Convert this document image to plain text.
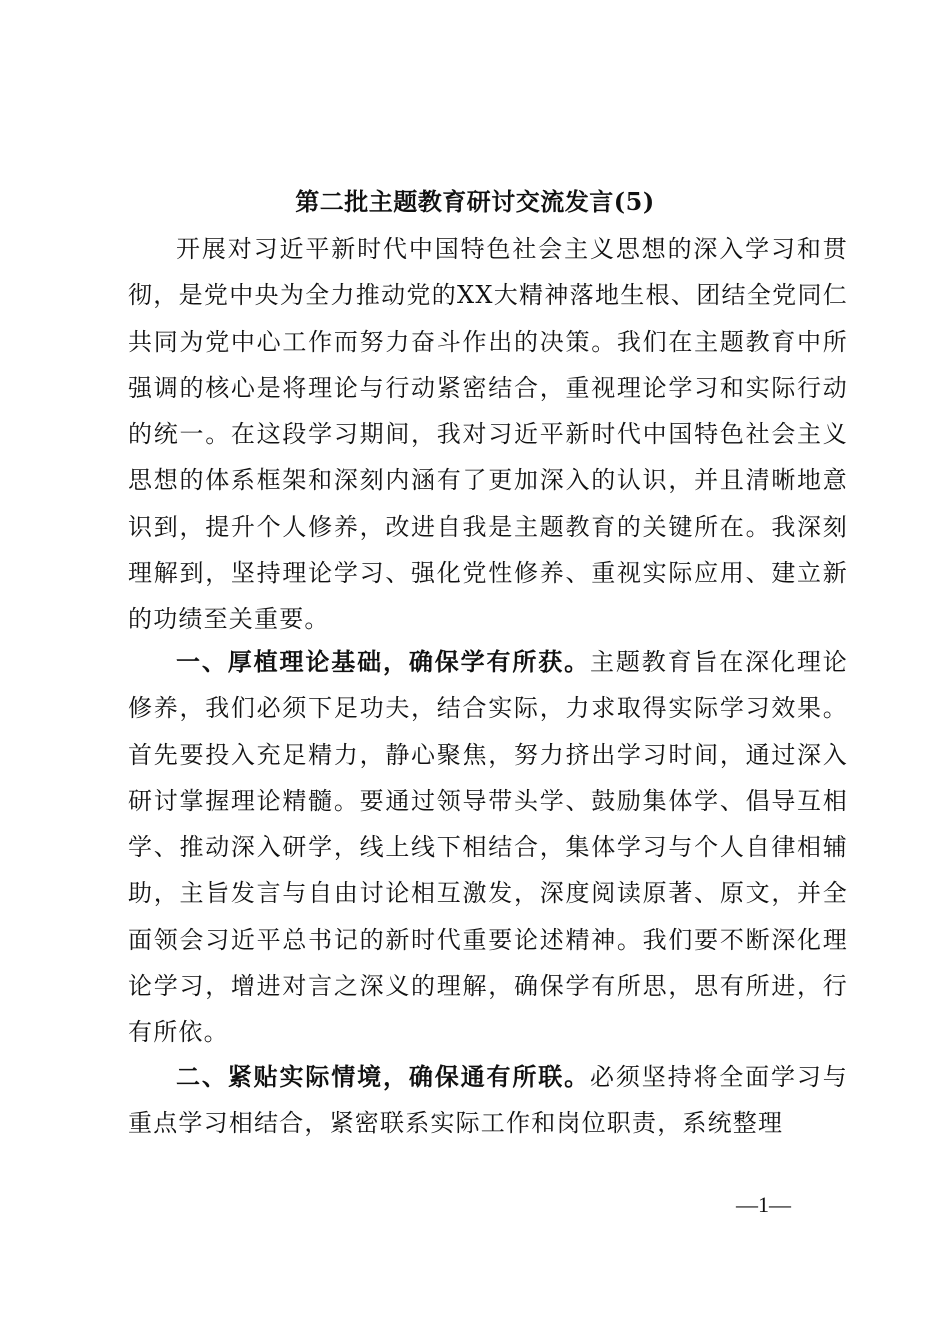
第二批主题教育研讨交流发言(5)

开展对习近平新时代中国特色社会主义思想的深入学习和贯彻，是党中央为全力推动党的XX大精神落地生根、团结全党同仁共同为党中心工作而努力奋斗作出的决策。我们在主题教育中所强调的核心是将理论与行动紧密结合，重视理论学习和实际行动的统一。在这段学习期间，我对习近平新时代中国特色社会主义思想的体系框架和深刻内涵有了更加深入的认识，并且清晰地意识到，提升个人修养，改进自我是主题教育的关键所在。我深刻理解到，坚持理论学习、强化党性修养、重视实际应用、建立新的功绩至关重要。

一、厚植理论基础，确保学有所获。主题教育旨在深化理论修养，我们必须下足功夫，结合实际，力求取得实际学习效果。首先要投入充足精力，静心聚焦，努力挤出学习时间，通过深入研讨掌握理论精髓。要通过领导带头学、鼓励集体学、倡导互相学、推动深入研学，线上线下相结合，集体学习与个人自律相辅助，主旨发言与自由讨论相互激发，深度阅读原著、原文，并全面领会习近平总书记的新时代重要论述精神。我们要不断深化理论学习，增进对言之深义的理解，确保学有所思，思有所进，行有所依。

二、紧贴实际情境，确保通有所联。必须坚持将全面学习与重点学习相结合，紧密联系实际工作和岗位职责，系统整理

—1—
